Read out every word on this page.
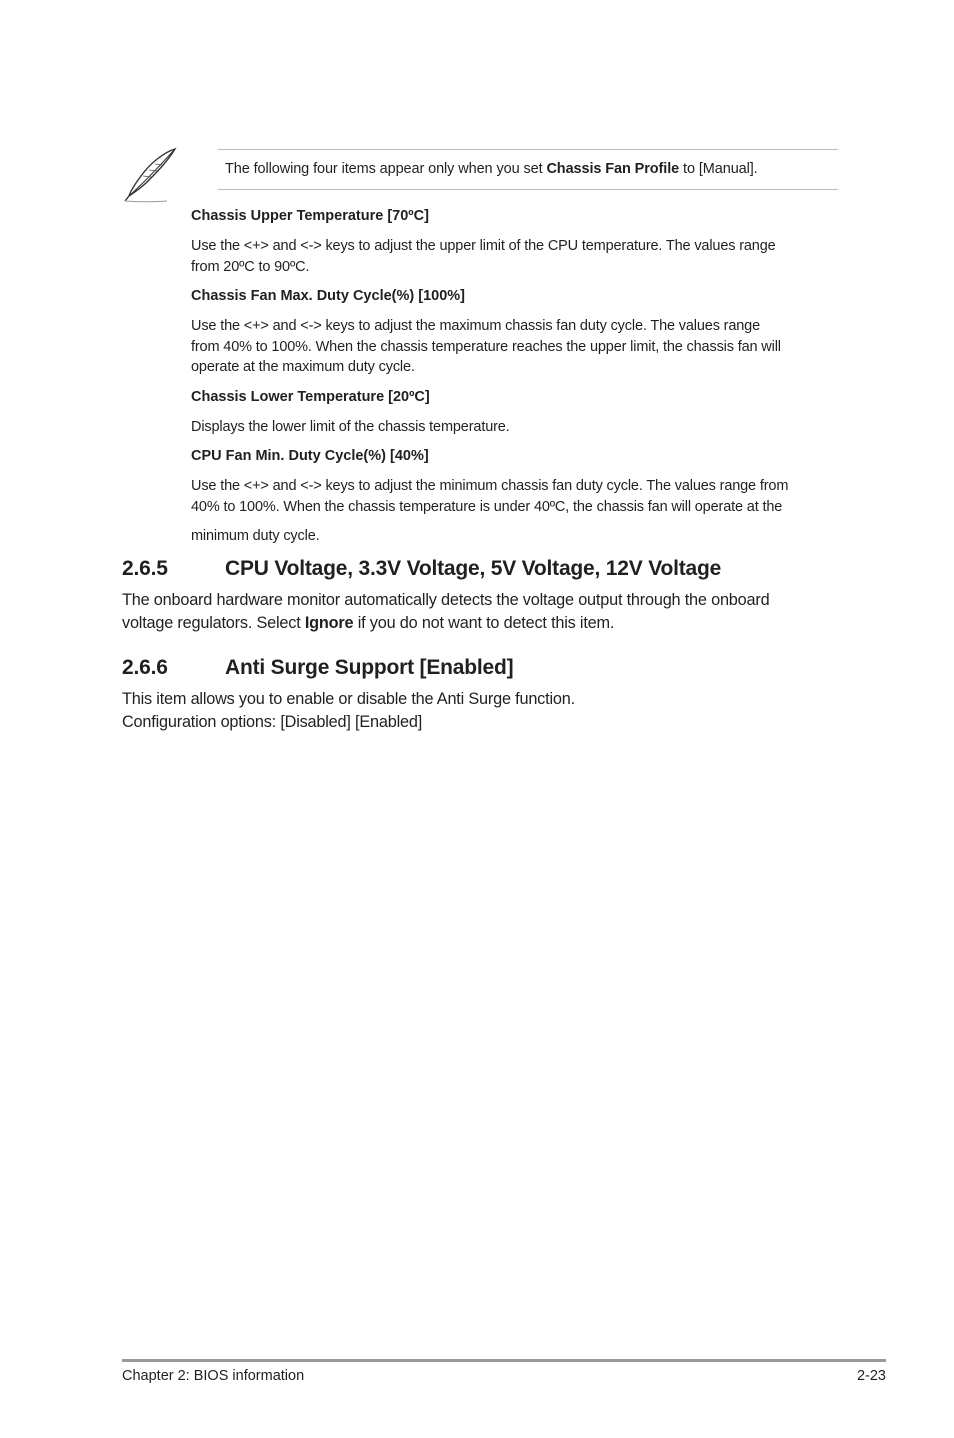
The following four items appear only when you set Chassis Fan Profile to [Manual].

Chassis Upper Temperature [70ºC]

Use the <+> and <-> keys to adjust the upper limit of the CPU temperature. The values range
from 20ºC to 90ºC.

Chassis Fan Max. Duty Cycle(%) [100%]

Use the <+> and <-> keys to adjust the maximum chassis fan duty cycle. The values range
from 40% to 100%. When the chassis temperature reaches the upper limit, the chassis fan will
operate at the maximum duty cycle.

Chassis Lower Temperature [20ºC]

Displays the lower limit of the chassis temperature.

CPU Fan Min. Duty Cycle(%) [40%]

Use the <+> and <-> keys to adjust the minimum chassis fan duty cycle. The values range from
40% to 100%. When the chassis temperature is under 40ºC, the chassis fan will operate at the
minimum duty cycle.

2.6.5	CPU Voltage, 3.3V Voltage, 5V Voltage, 12V Voltage

The onboard hardware monitor automatically detects the voltage output through the onboard
voltage regulators. Select Ignore if you do not want to detect this item.

2.6.6	Anti Surge Support [Enabled]

This item allows you to enable or disable the Anti Surge function.
Configuration options: [Disabled] [Enabled]

Chapter 2: BIOS information	2-23
